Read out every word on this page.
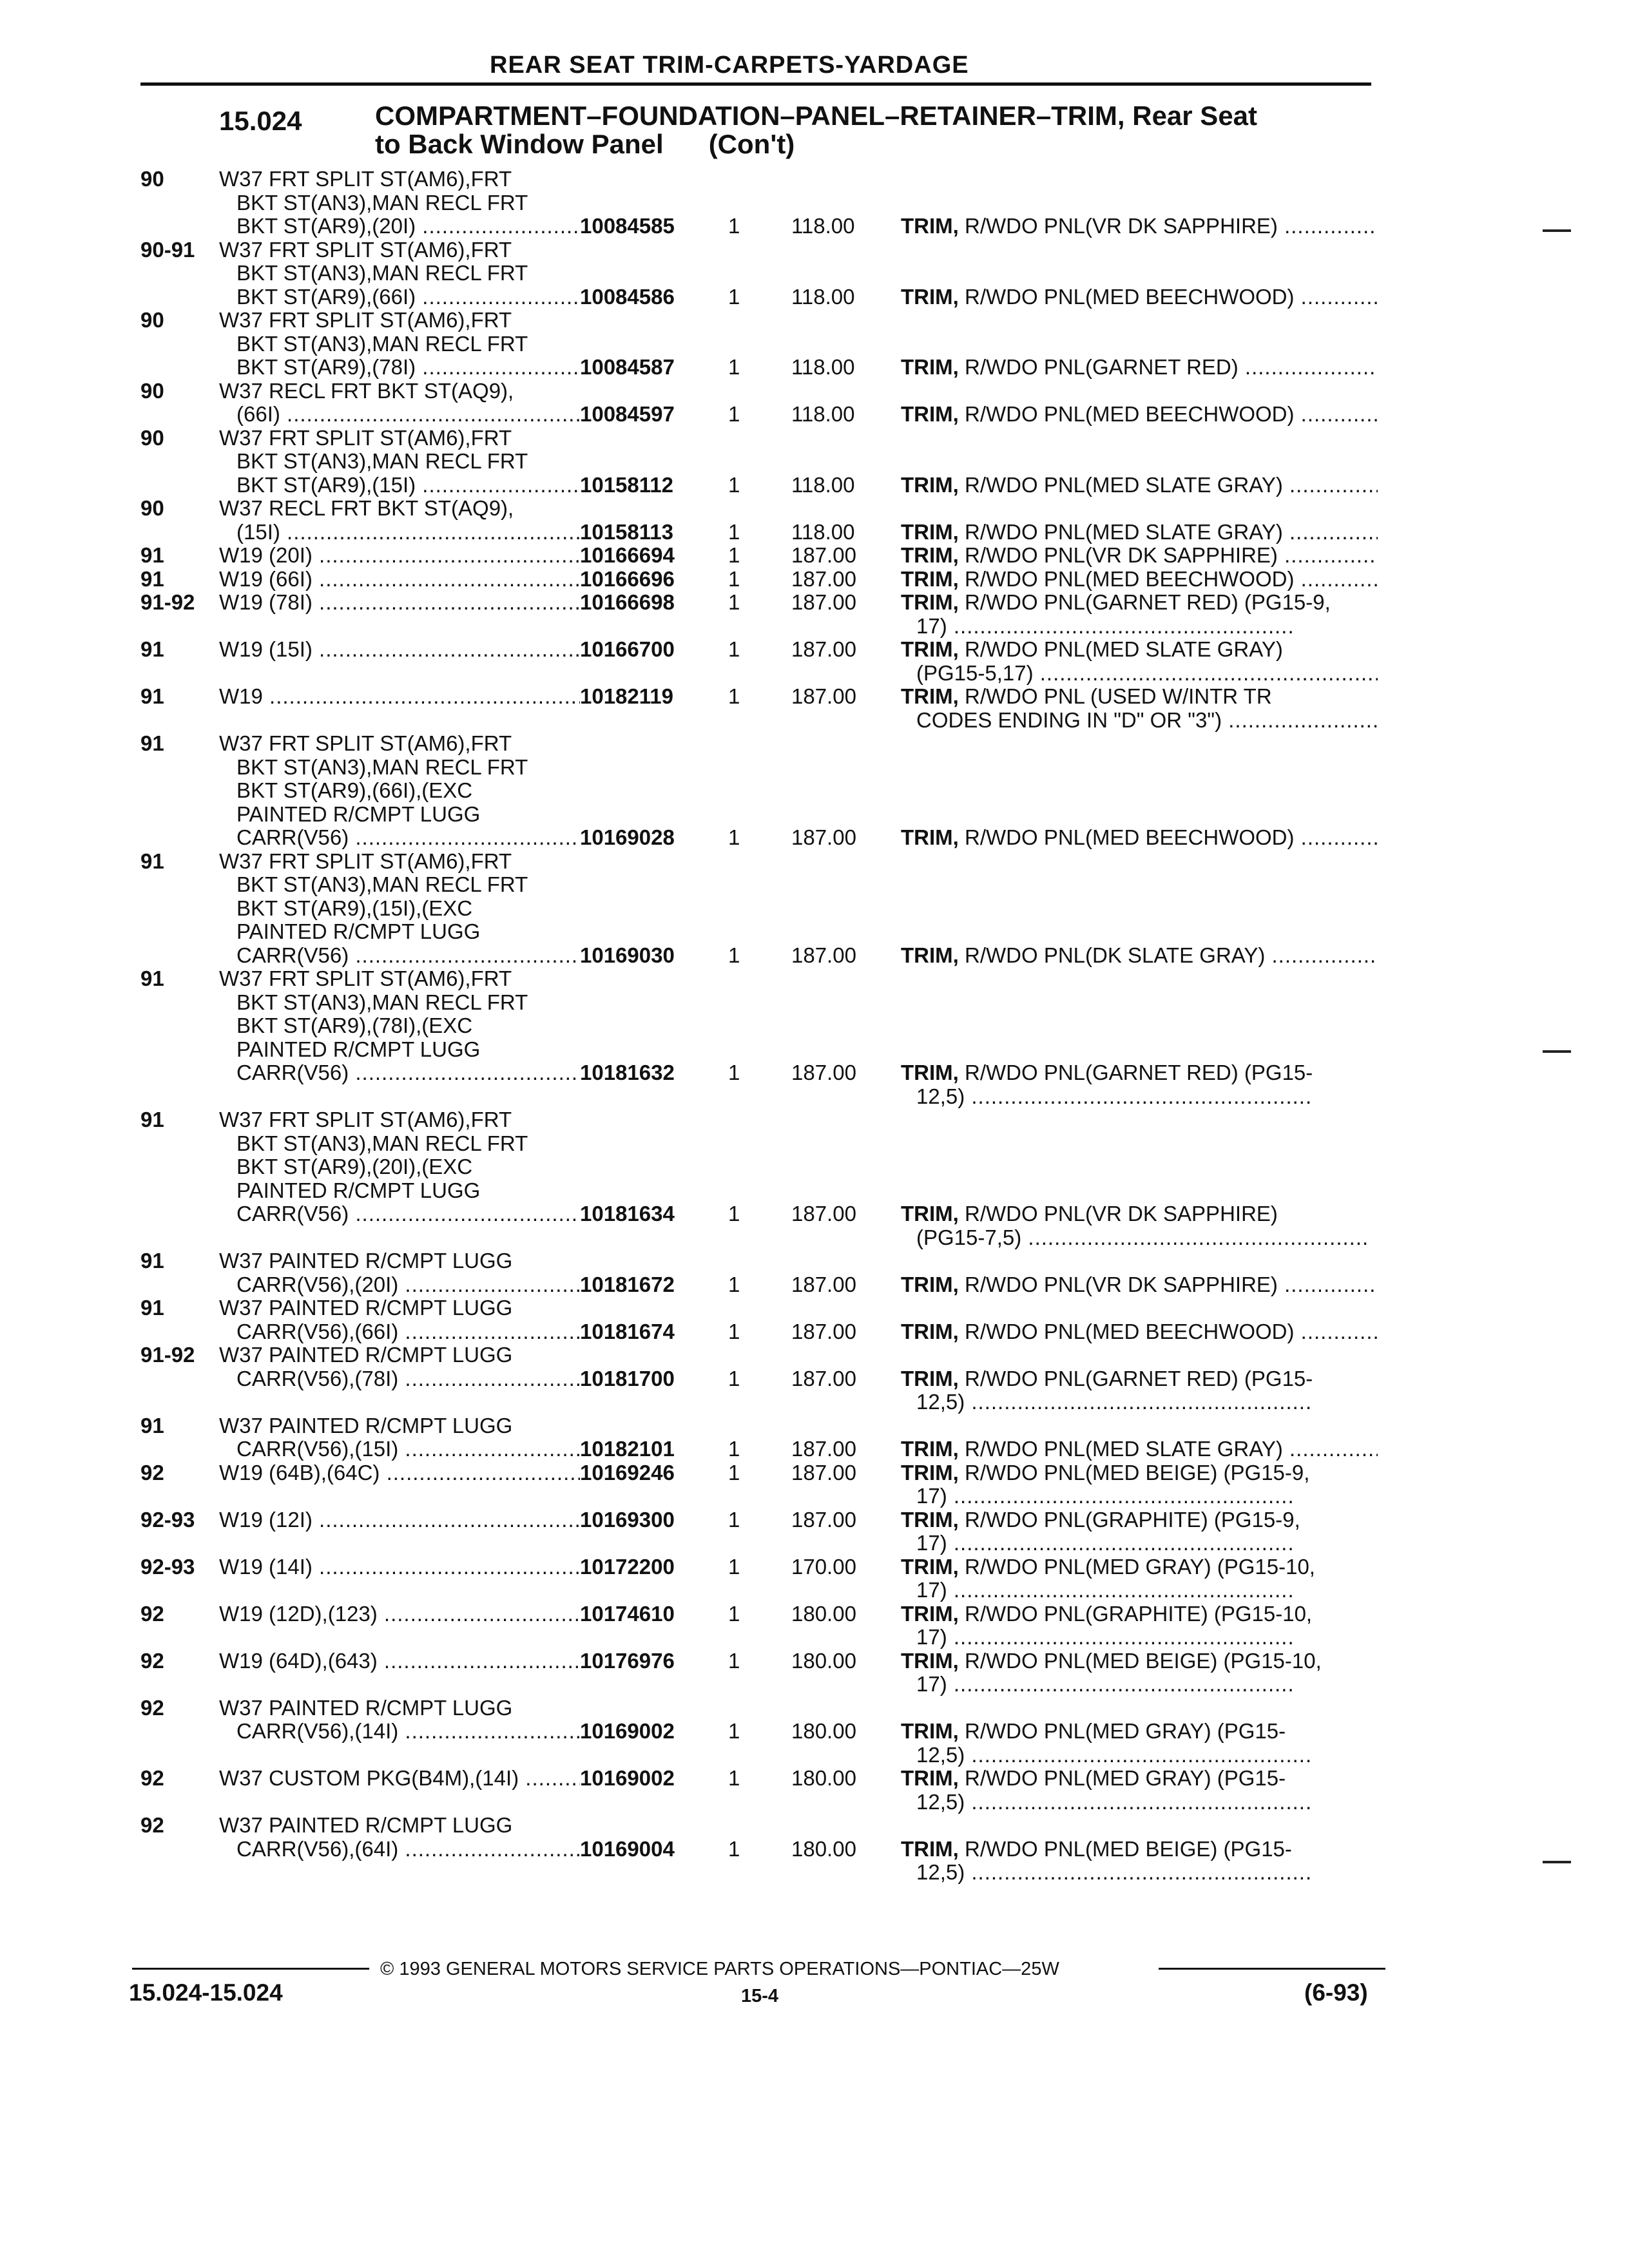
REAR SEAT TRIM-CARPETS-YARDAGE
15.024	COMPARTMENT–FOUNDATION–PANEL–RETAINER–TRIM, Rear Seat
to Back Window Panel      (Con't)
90	W37 FRT SPLIT ST(AM6),FRT
BKT ST(AN3),MAN RECL FRT
BKT ST(AR9),(20I) .....	10084585	1 118.00 TRIM, R/WDO PNL(VR DK SAPPHIRE) .....
90-91 W37 FRT SPLIT ST(AM6),FRT
BKT ST(AN3),MAN RECL FRT
BKT ST(AR9),(66I) .....	10084586	1 118.00 TRIM, R/WDO PNL(MED BEECHWOOD) .....
90	W37 FRT SPLIT ST(AM6),FRT
BKT ST(AN3),MAN RECL FRT
BKT ST(AR9),(78I) .....	10084587	1 118.00 TRIM, R/WDO PNL(GARNET RED) .....
90	W37 RECL FRT BKT ST(AQ9),
(66I) .....	10084597	1 118.00 TRIM, R/WDO PNL(MED BEECHWOOD) .....
90	W37 FRT SPLIT ST(AM6),FRT
BKT ST(AN3),MAN RECL FRT
BKT ST(AR9),(15I) .....	10158112	1 118.00 TRIM, R/WDO PNL(MED SLATE GRAY) .....
90	W37 RECL FRT BKT ST(AQ9),
(15I) .....	10158113	1 118.00 TRIM, R/WDO PNL(MED SLATE GRAY) .....
91	W19 (20I) .....	10166694	1 187.00 TRIM, R/WDO PNL(VR DK SAPPHIRE) .....
91	W19 (66I) .....	10166696	1 187.00 TRIM, R/WDO PNL(MED BEECHWOOD) .....
91-92 W19 (78I) .....	10166698	1 187.00 TRIM, R/WDO PNL(GARNET RED) (PG15-9,
17) .....
91	W19 (15I) .....	10166700	1 187.00 TRIM, R/WDO PNL(MED SLATE GRAY)
(PG15-5,17) .....
91	W19 .....	10182119	1 187.00 TRIM, R/WDO PNL (USED W/INTR TR
CODES ENDING IN "D" OR "3") .....
91	W37 FRT SPLIT ST(AM6),FRT
BKT ST(AN3),MAN RECL FRT
BKT ST(AR9),(66I),(EXC
PAINTED R/CMPT LUGG
CARR(V56) .....	10169028	1 187.00 TRIM, R/WDO PNL(MED BEECHWOOD) .....
91	W37 FRT SPLIT ST(AM6),FRT
BKT ST(AN3),MAN RECL FRT
BKT ST(AR9),(15I),(EXC
PAINTED R/CMPT LUGG
CARR(V56) .....	10169030	1 187.00 TRIM, R/WDO PNL(DK SLATE GRAY) .....
91	W37 FRT SPLIT ST(AM6),FRT
BKT ST(AN3),MAN RECL FRT
BKT ST(AR9),(78I),(EXC
PAINTED R/CMPT LUGG
CARR(V56) .....	10181632	1 187.00 TRIM, R/WDO PNL(GARNET RED) (PG15-
12,5) .....
91	W37 FRT SPLIT ST(AM6),FRT
BKT ST(AN3),MAN RECL FRT
BKT ST(AR9),(20I),(EXC
PAINTED R/CMPT LUGG
CARR(V56) .....	10181634	1 187.00 TRIM, R/WDO PNL(VR DK SAPPHIRE)
(PG15-7,5) .....
91	W37 PAINTED R/CMPT LUGG
CARR(V56),(20I) .....	10181672	1 187.00 TRIM, R/WDO PNL(VR DK SAPPHIRE) .....
91	W37 PAINTED R/CMPT LUGG
CARR(V56),(66I) .....	10181674	1 187.00 TRIM, R/WDO PNL(MED BEECHWOOD) .....
91-92 W37 PAINTED R/CMPT LUGG
CARR(V56),(78I) .....	10181700	1 187.00 TRIM, R/WDO PNL(GARNET RED) (PG15-
12,5) .....
91	W37 PAINTED R/CMPT LUGG
CARR(V56),(15I) .....	10182101	1 187.00 TRIM, R/WDO PNL(MED SLATE GRAY) .....
92	W19 (64B),(64C) .....	10169246	1 187.00 TRIM, R/WDO PNL(MED BEIGE) (PG15-9,
17) .....
92-93 W19 (12I) .....	10169300	1 187.00 TRIM, R/WDO PNL(GRAPHITE) (PG15-9,
17) .....
92-93 W19 (14I) .....	10172200	1 170.00 TRIM, R/WDO PNL(MED GRAY) (PG15-10,
17) .....
92	W19 (12D),(123) .....	10174610	1 180.00 TRIM, R/WDO PNL(GRAPHITE) (PG15-10,
17) .....
92	W19 (64D),(643) .....	10176976	1 180.00 TRIM, R/WDO PNL(MED BEIGE) (PG15-10,
17) .....
92	W37 PAINTED R/CMPT LUGG
CARR(V56),(14I) .....	10169002	1 180.00 TRIM, R/WDO PNL(MED GRAY) (PG15-
12,5) .....
92	W37 CUSTOM PKG(B4M),(14I) .....	10169002	1 180.00 TRIM, R/WDO PNL(MED GRAY) (PG15-
12,5) .....
92	W37 PAINTED R/CMPT LUGG
CARR(V56),(64I) .....	10169004	1 180.00 TRIM, R/WDO PNL(MED BEIGE) (PG15-
12,5) .....
© 1993 GENERAL MOTORS SERVICE PARTS OPERATIONS—PONTIAC—25W
15.024-15.024	15-4	(6-93)
